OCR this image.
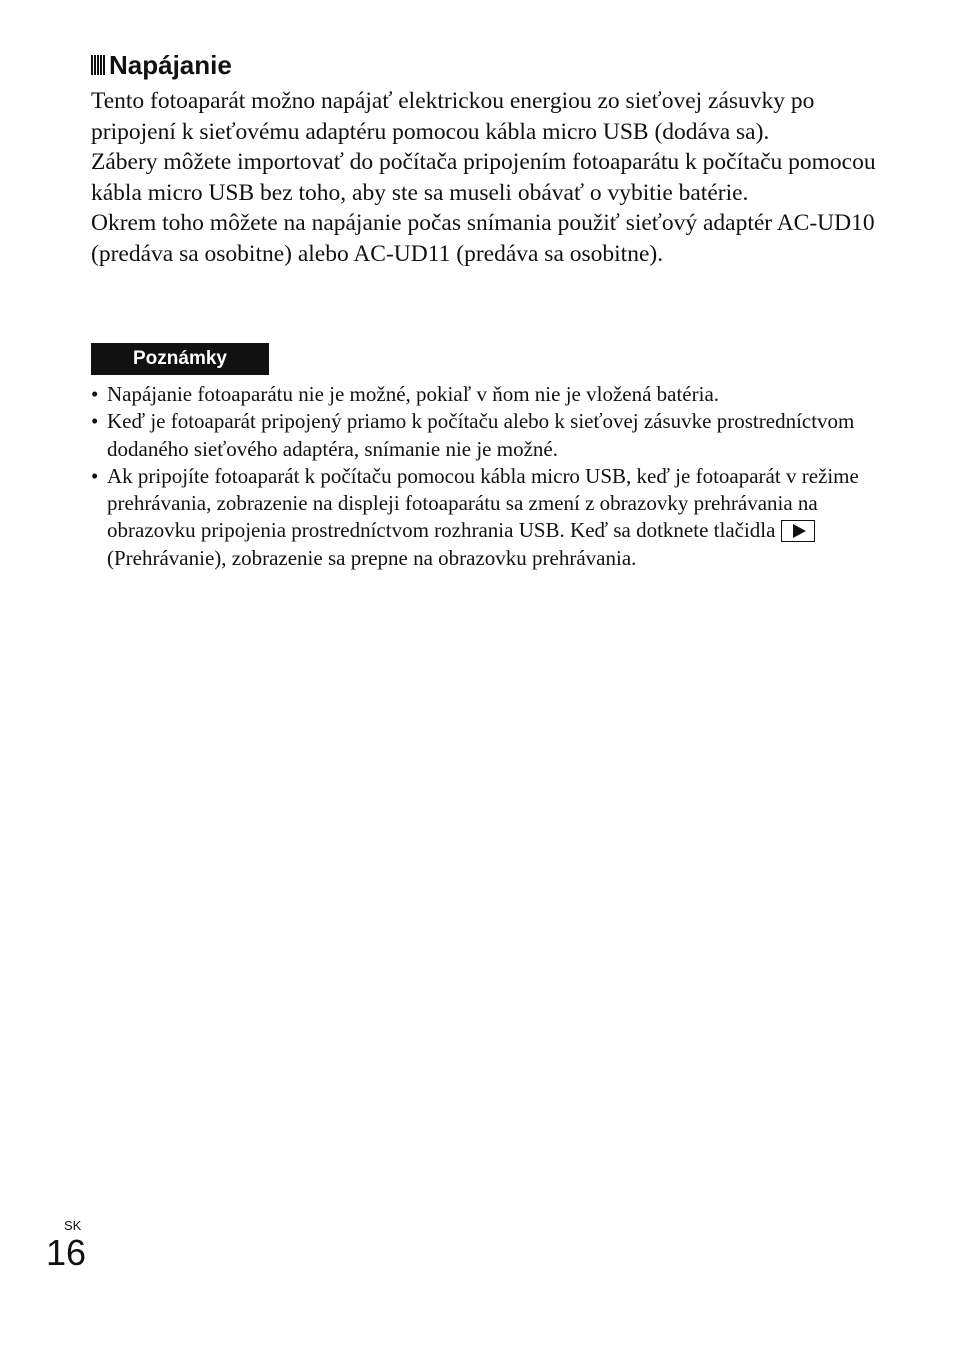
Napájanie

Tento fotoaparát možno napájať elektrickou energiou zo sieťovej zásuvky po pripojení k sieťovému adaptéru pomocou kábla micro USB (dodáva sa).

Zábery môžete importovať do počítača pripojením fotoaparátu k počítaču pomocou kábla micro USB bez toho, aby ste sa museli obávať o vybitie batérie.

Okrem toho môžete na napájanie počas snímania použiť sieťový adaptér AC-UD10 (predáva sa osobitne) alebo AC-UD11 (predáva sa osobitne).

Poznámky
• Napájanie fotoaparátu nie je možné, pokiaľ v ňom nie je vložená batéria.
• Keď je fotoaparát pripojený priamo k počítaču alebo k sieťovej zásuvke prostredníctvom dodaného sieťového adaptéra, snímanie nie je možné.
• Ak pripojíte fotoaparát k počítaču pomocou kábla micro USB, keď je fotoaparát v režime prehrávania, zobrazenie na displeji fotoaparátu sa zmení z obrazovky prehrávania na obrazovku pripojenia prostredníctvom rozhrania USB. Keď sa dotknete tlačidla(Prehrávanie), zobrazenie sa prepne na obrazovku prehrávania.
SK
16
